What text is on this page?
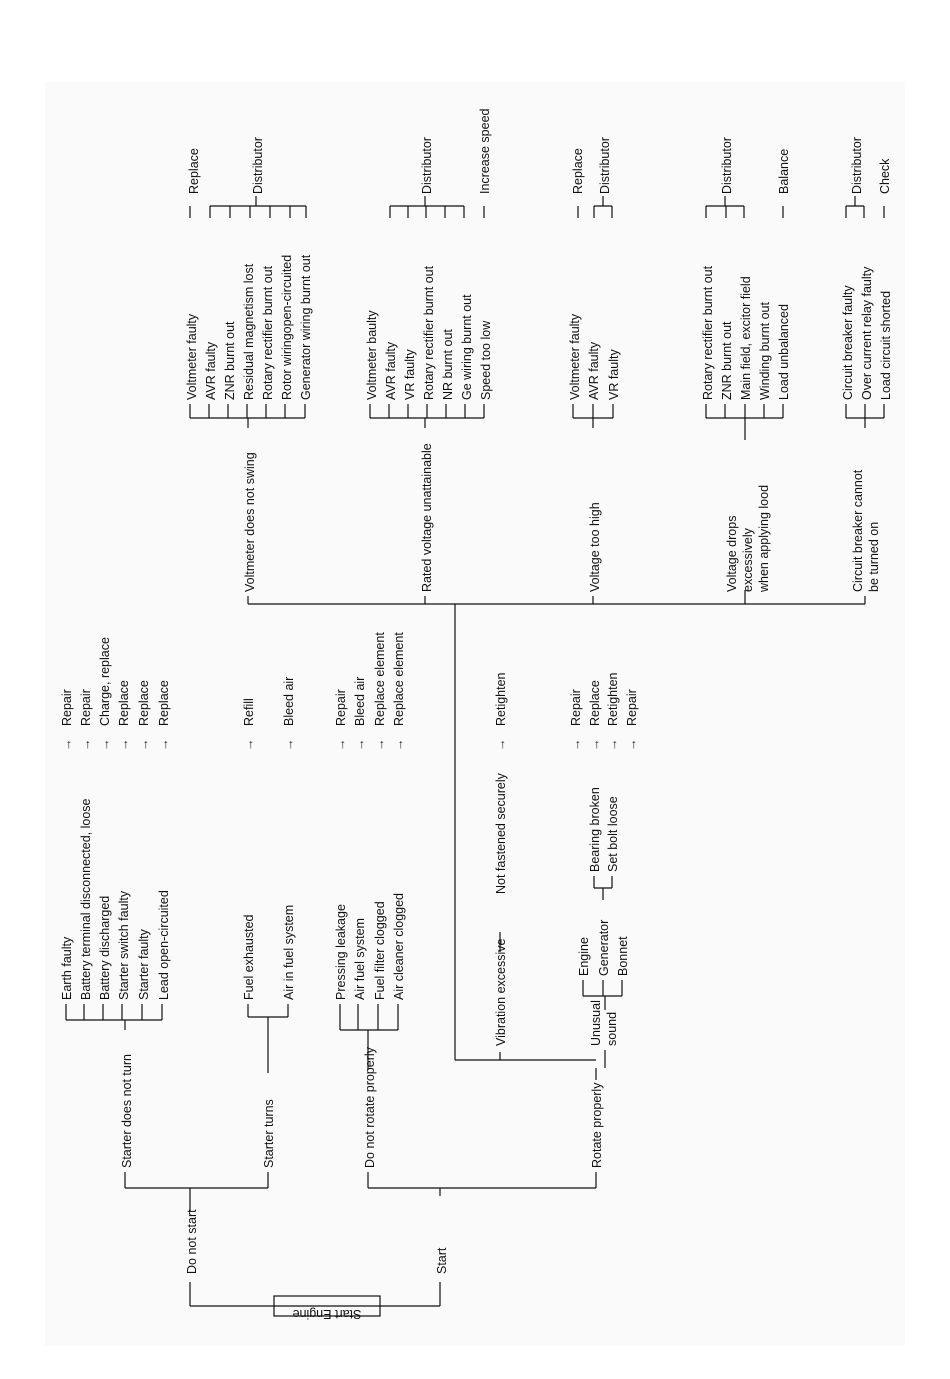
Start Engine
Start
Do not start
Starter does not turn	Starter turns	Do not rotate properly	Rotate properly
Earth faulty Battery terminal disconnected, loose Battery discharged Starter switch faulty Starter faulty Lead open-circuited
→ → → → → →
Repair Repair Charge, replace Replace Replace Replace
Fuel exhausted Air in fuel system
→ →
Refill Bleed air
Pressing leakage Air fuel system Fuel filter clogged Air cleaner clogged
→ → → →
Repair Bleed air Replace element Replace element
Vibration excessive
Not fastened securely
→
Retighten
Unusual sound
Engine Generator Bonnet
Bearing broken Set bolt loose
→ → → →
Repair Replace Retighten Repair
Voltmeter does not swing
Voltmeter faulty AVR faulty ZNR burnt out Residual magnetism lost Rotary rectifier burnt out Rotor wiringopen-circuited Generator wiring burnt out
Replace	Distributor
Rated voltage unattainable
Voltmeter baulty AVR faulty VR faulty Rotary rectifier burnt out NR burnt out Ge wiring burnt out Speed too low
Distributor	Increase speed
Voltage too high
Voltmeter faulty AVR faulty VR faulty
Replace Distributor
Voltage drops excessively when applying lood
Rotary rectifier burnt out ZNR burnt out Main field, excitor field Winding burnt out Load unbalanced
Distributor	Balance
Circuit breaker cannot be turned on
Circuit breaker faulty Over current relay faulty Load circuit shorted
Distributor Check
